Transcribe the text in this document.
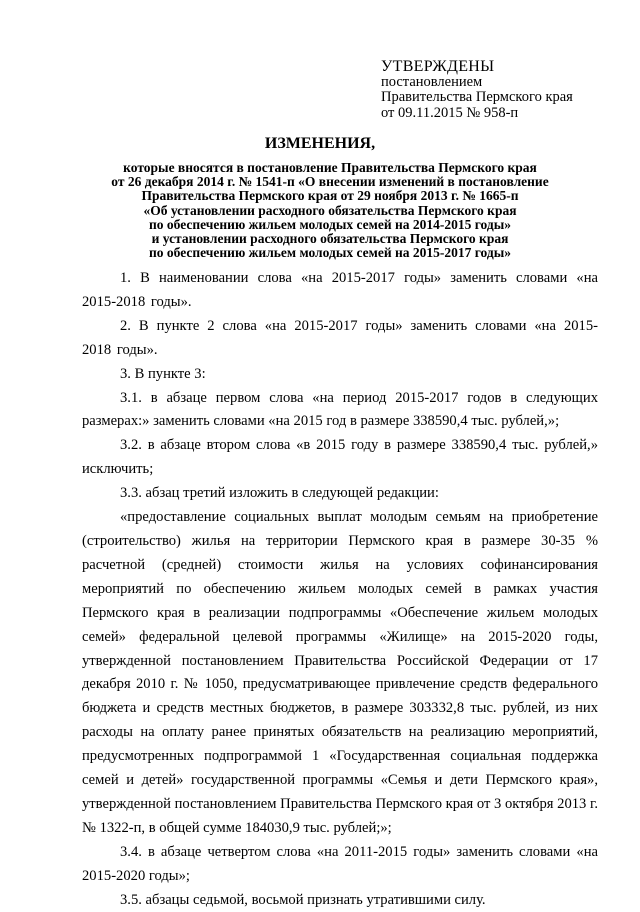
УТВЕРЖДЕНЫ
постановлением
Правительства Пермского края
от 09.11.2015 № 958-п
ИЗМЕНЕНИЯ,
которые вносятся в постановление Правительства Пермского края
от 26 декабря 2014 г. № 1541-п «О внесении изменений в постановление
Правительства Пермского края от 29 ноября 2013 г. № 1665-п
«Об установлении расходного обязательства Пермского края
по обеспечению жильем молодых семей на 2014-2015 годы»
и установлении расходного обязательства Пермского края
по обеспечению жильем молодых семей на 2015-2017 годы»

1. В наименовании слова «на 2015-2017 годы» заменить словами «на 2015-2018 годы».

2. В пункте 2 слова «на 2015-2017 годы» заменить словами «на 2015-2018 годы».

3. В пункте 3:

3.1. в абзаце первом слова «на период 2015-2017 годов в следующих размерах:» заменить словами «на 2015 год в размере 338590,4 тыс. рублей,»;

3.2. в абзаце втором слова «в 2015 году в размере 338590,4 тыс. рублей,» исключить;

3.3. абзац третий изложить в следующей редакции:

«предоставление социальных выплат молодым семьям на приобретение (строительство) жилья на территории Пермского края в размере 30-35 % расчетной (средней) стоимости жилья на условиях софинансирования мероприятий по обеспечению жильем молодых семей в рамках участия Пермского края в реализации подпрограммы «Обеспечение жильем молодых семей» федеральной целевой программы «Жилище» на 2015-2020 годы, утвержденной постановлением Правительства Российской Федерации от 17 декабря 2010 г. № 1050, предусматривающее привлечение средств федерального бюджета и средств местных бюджетов, в размере 303332,8 тыс. рублей, из них расходы на оплату ранее принятых обязательств на реализацию мероприятий, предусмотренных подпрограммой 1 «Государственная социальная поддержка семей и детей» государственной программы «Семья и дети Пермского края», утвержденной постановлением Правительства Пермского края от 3 октября 2013 г. № 1322-п, в общей сумме 184030,9 тыс. рублей;»;

3.4. в абзаце четвертом слова «на 2011-2015 годы» заменить словами «на 2015-2020 годы»;

3.5. абзацы седьмой, восьмой признать утратившими силу.
